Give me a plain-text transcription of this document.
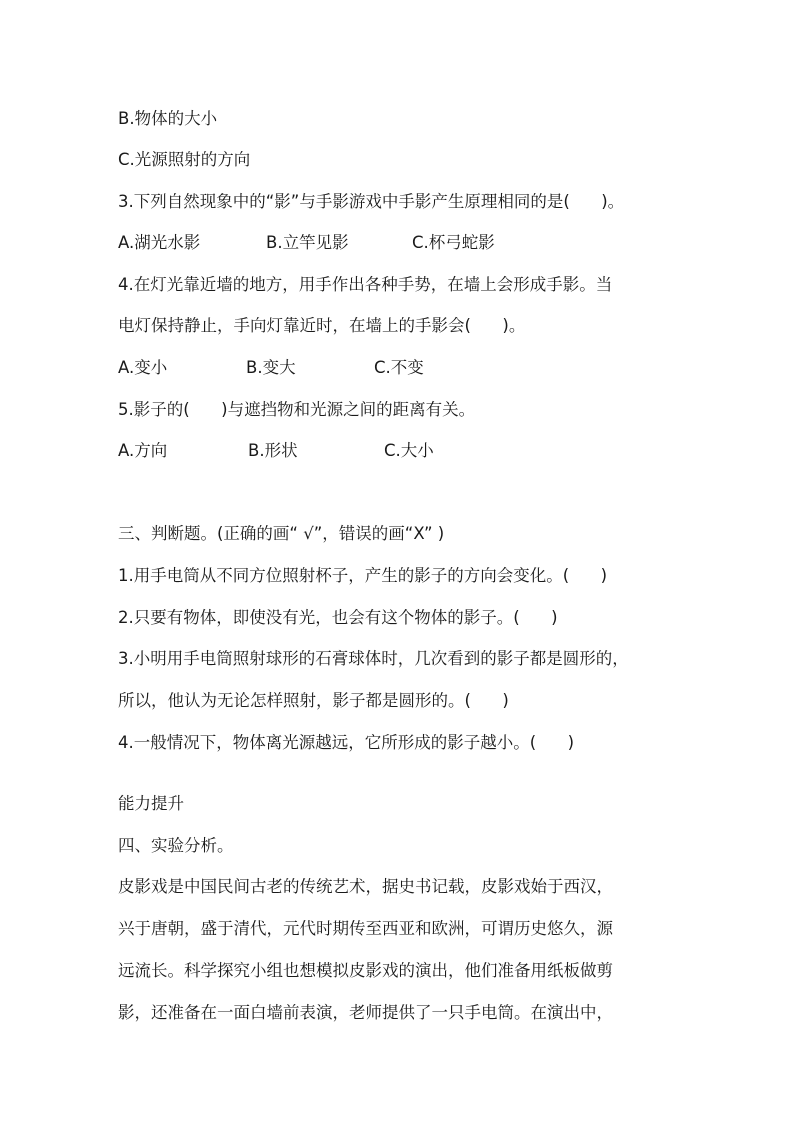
B.物体的大小
C.光源照射的方向
3.下列自然现象中的“影”与手影游戏中手影产生原理相同的是(      )。

A.湖光水影

	B.立竿见影

	C.杯弓蛇影

4.在灯光靠近墙的地方，用手作出各种手势，在墙上会形成手影。当
电灯保持静止，手向灯靠近时，在墙上的手影会(      )。

A.变小

	B.变大

	C.不变

5.影子的(      )与遮挡物和光源之间的距离有关。

A.方向

	B.形状

	C.大小

三、判断题。(正确的画“ √”，错误的画“X” )
1.用手电筒从不同方位照射杯子，产生的影子的方向会变化。(      )
2.只要有物体，即使没有光，也会有这个物体的影子。(      )
3.小明用手电筒照射球形的石膏球体时，几次看到的影子都是圆形的，
所以，他认为无论怎样照射，影子都是圆形的。(      )
4.一般情况下，物体离光源越远，它所形成的影子越小。(      )
能力提升
四、实验分析。
皮影戏是中国民间古老的传统艺术，据史书记载，皮影戏始于西汉，
兴于唐朝，盛于清代，元代时期传至西亚和欧洲，可谓历史悠久，源
远流长。科学探究小组也想模拟皮影戏的演出，他们准备用纸板做剪
影，还准备在一面白墙前表演，老师提供了一只手电筒。在演出中，
